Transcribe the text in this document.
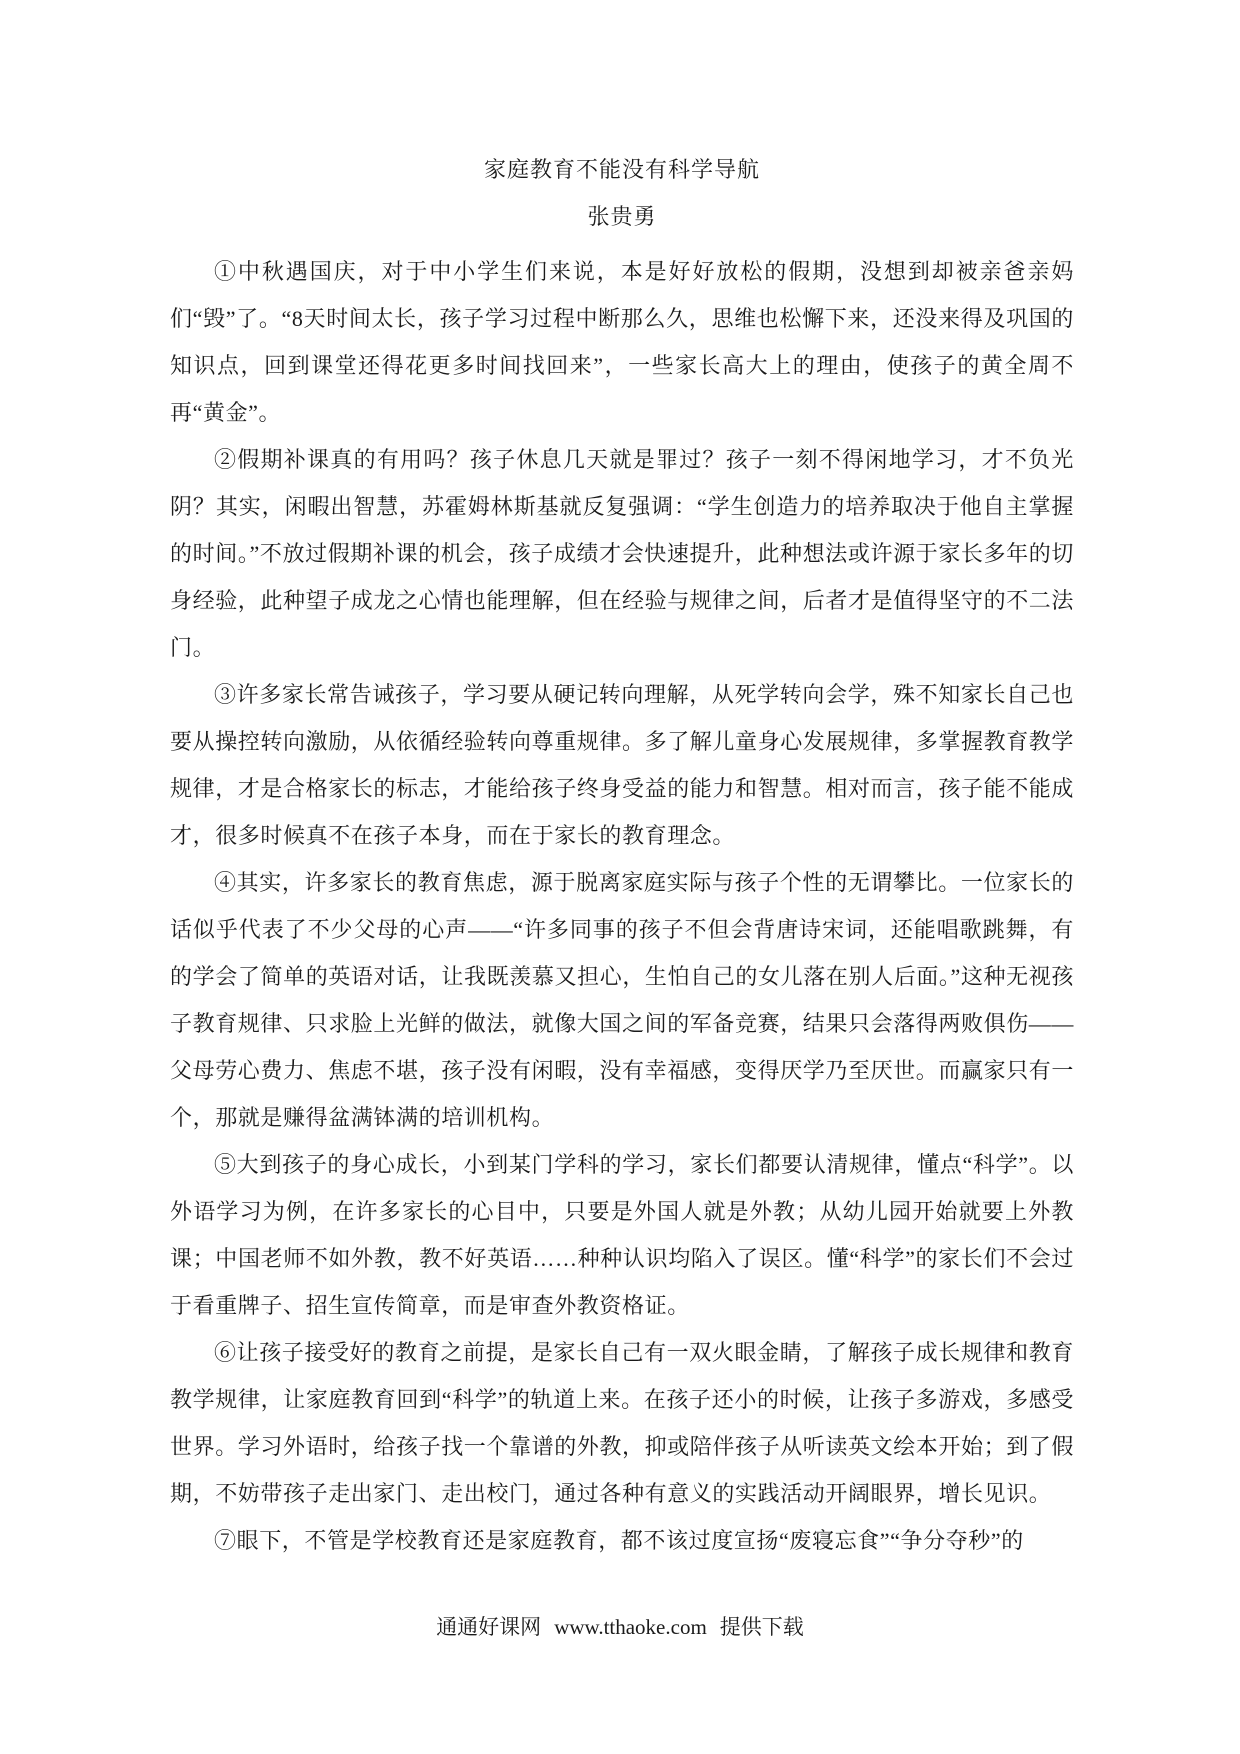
家庭教育不能没有科学导航
张贵勇

①中秋遇国庆，对于中小学生们来说，本是好好放松的假期，没想到却被亲爸亲妈们“毁”了。“8天时间太长，孩子学习过程中断那么久，思维也松懈下来，还没来得及巩国的知识点，回到课堂还得花更多时间找回来”，一些家长高大上的理由，使孩子的黄全周不再“黄金”。

②假期补课真的有用吗？孩子休息几天就是罪过？孩子一刻不得闲地学习，才不负光阴？其实，闲暇出智慧，苏霍姆林斯基就反复强调：“学生创造力的培养取决于他自主掌握的时间。”不放过假期补课的机会，孩子成绩才会快速提升，此种想法或许源于家长多年的切身经验，此种望子成龙之心情也能理解，但在经验与规律之间，后者才是值得坚守的不二法门。

③许多家长常告诫孩子，学习要从硬记转向理解，从死学转向会学，殊不知家长自己也要从操控转向激励，从依循经验转向尊重规律。多了解儿童身心发展规律，多掌握教育教学规律，才是合格家长的标志，才能给孩子终身受益的能力和智慧。相对而言，孩子能不能成才，很多时候真不在孩子本身，而在于家长的教育理念。

④其实，许多家长的教育焦虑，源于脱离家庭实际与孩子个性的无谓攀比。一位家长的话似乎代表了不少父母的心声——“许多同事的孩子不但会背唐诗宋词，还能唱歌跳舞，有的学会了简单的英语对话，让我既羡慕又担心，生怕自己的女儿落在别人后面。”这种无视孩子教育规律、只求脸上光鲜的做法，就像大国之间的军备竞赛，结果只会落得两败俱伤——父母劳心费力、焦虑不堪，孩子没有闲暇，没有幸福感，变得厌学乃至厌世。而赢家只有一个，那就是赚得盆满钵满的培训机构。

⑤大到孩子的身心成长，小到某门学科的学习，家长们都要认清规律，懂点“科学”。以外语学习为例，在许多家长的心目中，只要是外国人就是外教；从幼儿园开始就要上外教课；中国老师不如外教，教不好英语……种种认识均陷入了误区。懂“科学”的家长们不会过于看重牌子、招生宣传简章，而是审查外教资格证。

⑥让孩子接受好的教育之前提，是家长自己有一双火眼金睛，了解孩子成长规律和教育教学规律，让家庭教育回到“科学”的轨道上来。在孩子还小的时候，让孩子多游戏，多感受世界。学习外语时，给孩子找一个靠谱的外教，抑或陪伴孩子从听读英文绘本开始；到了假期，不妨带孩子走出家门、走出校门，通过各种有意义的实践活动开阔眼界，增长见识。

⑦眼下，不管是学校教育还是家庭教育，都不该过度宣扬“废寝忘食”“争分夺秒”的

通通好课网 www.tthaoke.com 提供下载
